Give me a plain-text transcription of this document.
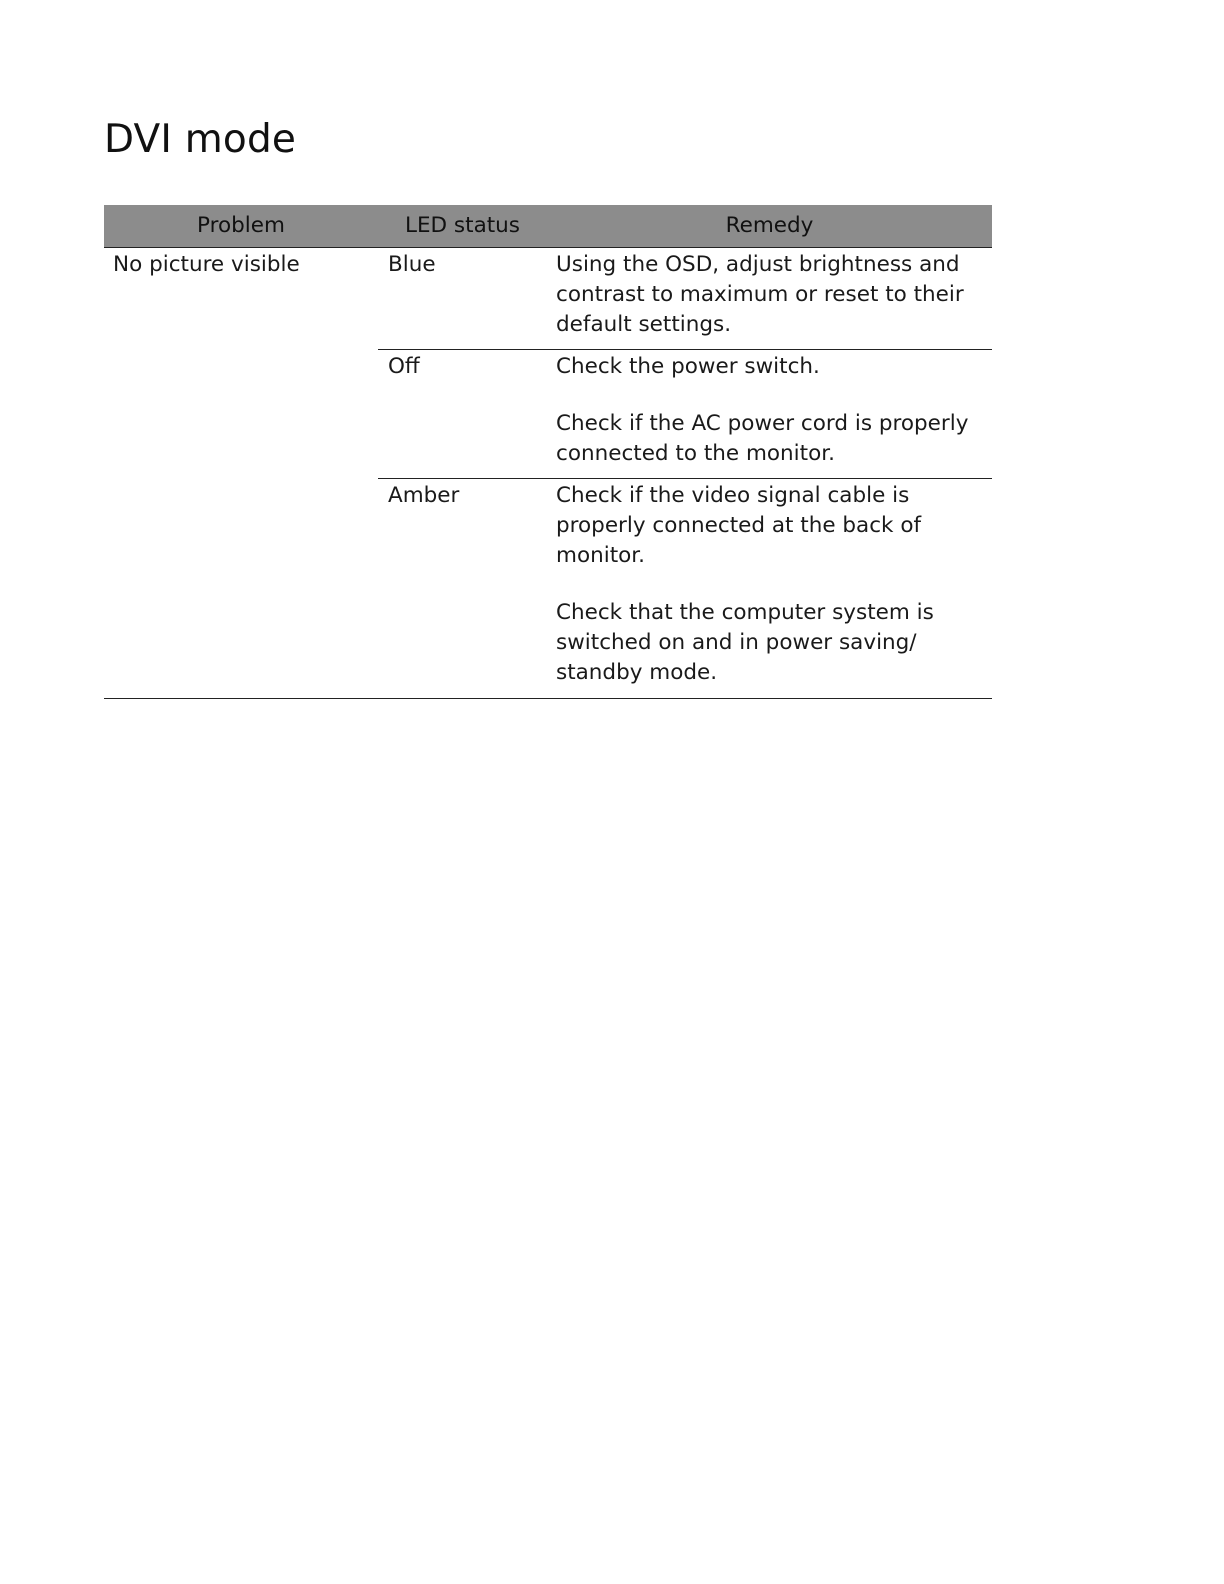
DVI mode
Problem	LED status	Remedy
No picture visible	Blue	Using the OSD, adjust brightness and contrast to maximum or reset to their default settings.

	Off	Check the power switch.
Check if the AC power cord is properly connected to the monitor.

	Amber	Check if the video signal cable is properly connected at the back of monitor.
Check that the computer system is switched on and in power saving/ standby mode.
